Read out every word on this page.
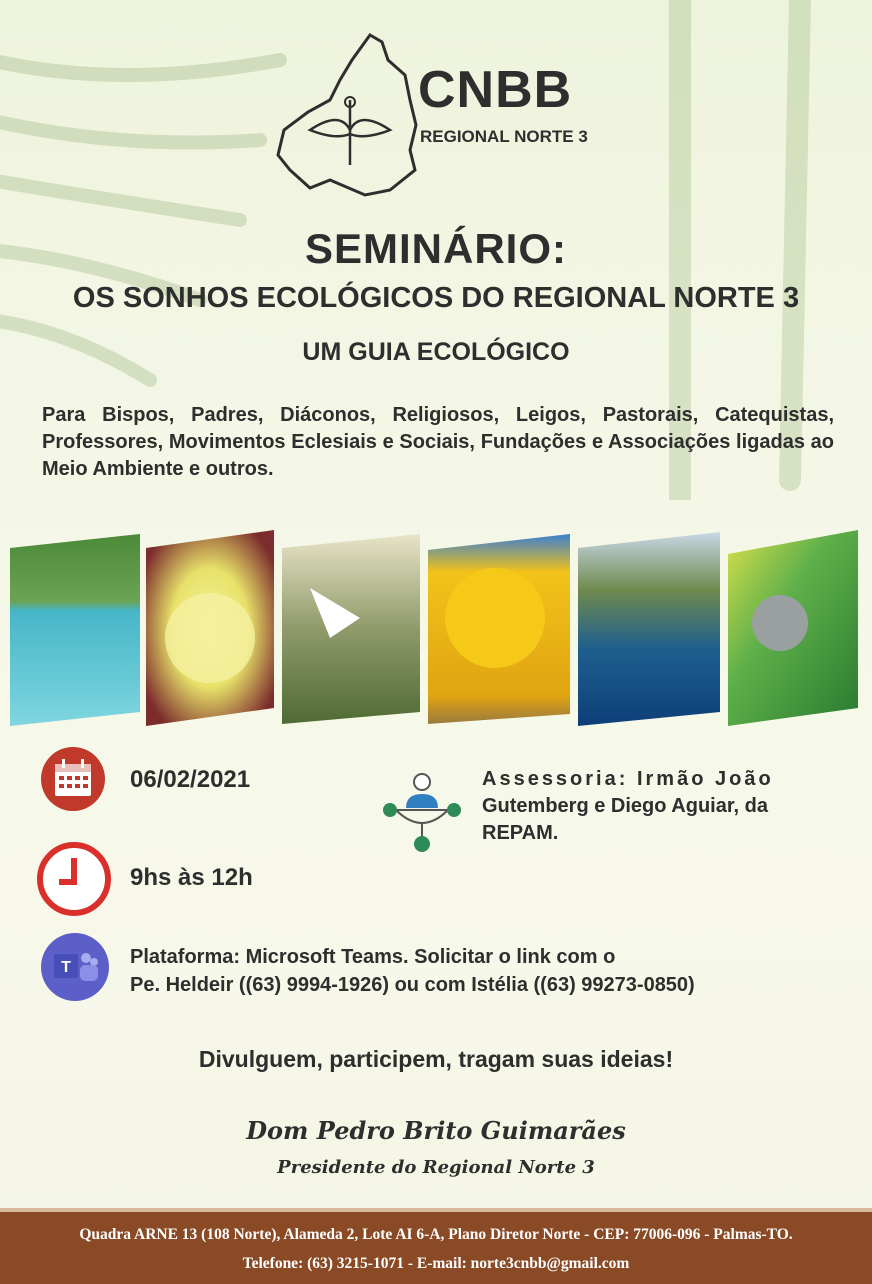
CNBB
REGIONAL NORTE 3
SEMINÁRIO:
OS SONHOS ECOLÓGICOS DO REGIONAL NORTE 3
UM GUIA ECOLÓGICO
Para Bispos, Padres, Diáconos, Religiosos, Leigos, Pastorais, Catequistas, Professores, Movimentos Eclesiais e Sociais, Fundações e Associações ligadas ao Meio Ambiente e outros.
06/02/2021
9hs às 12h
T	Plataforma: Microsoft Teams. Solicitar o link com o
Pe. Heldeir ((63) 9994-1926) ou com Istélia ((63) 99273-0850)
Assessoria: Irmão João
Gutemberg e Diego Aguiar, da
REPAM.
Divulguem, participem, tragam suas ideias!
Dom Pedro Brito Guimarães
Presidente do Regional Norte 3
Quadra ARNE 13 (108 Norte), Alameda 2, Lote AI 6-A, Plano Diretor Norte - CEP: 77006-096 - Palmas-TO.
Telefone: (63) 3215-1071 - E-mail: norte3cnbb@gmail.com
